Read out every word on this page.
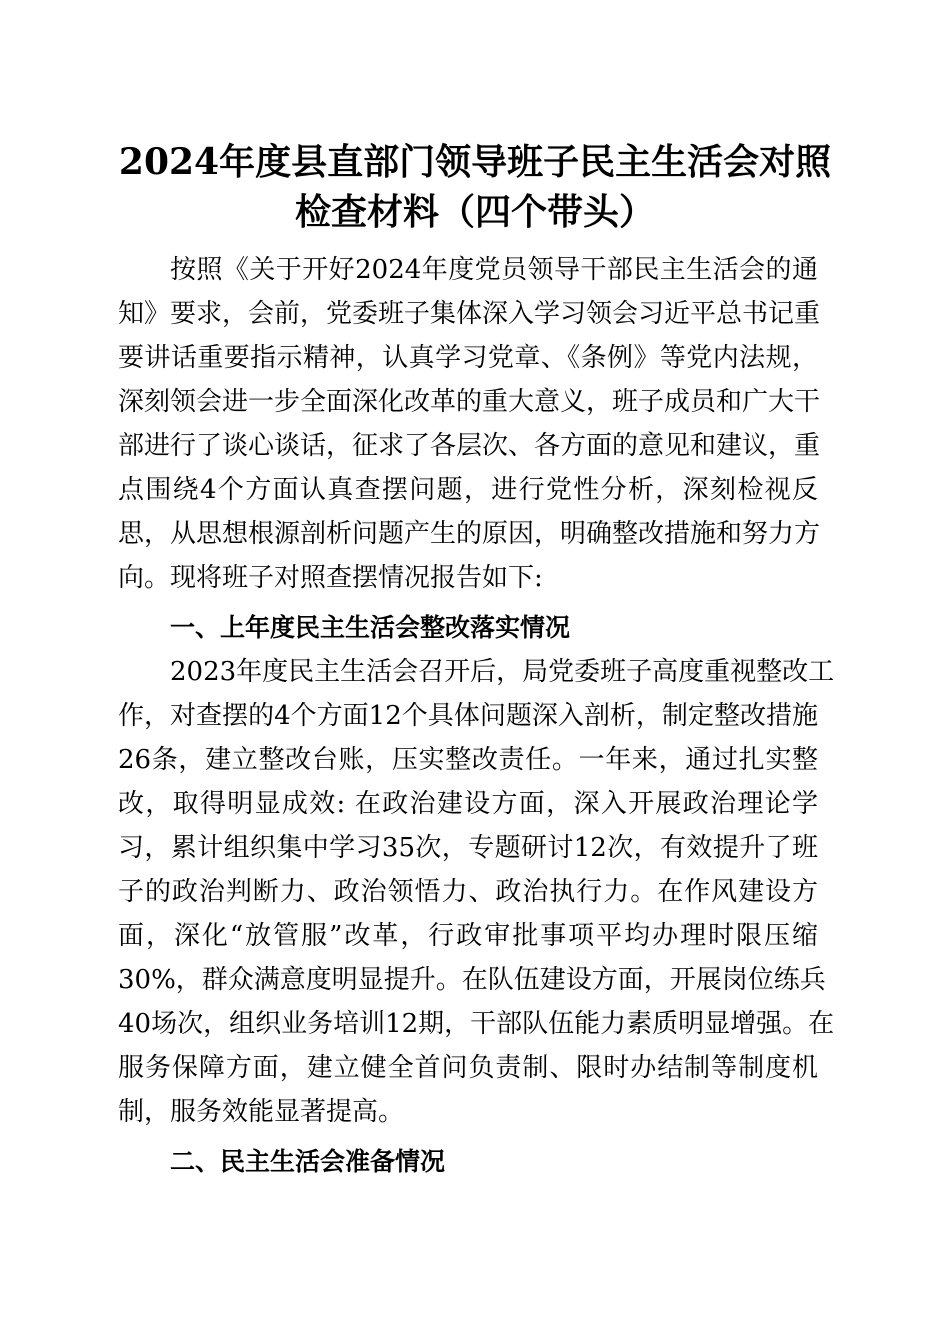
2024年度县直部门领导班子民主生活会对照
检查材料（四个带头）
按照《关于开好2024年度党员领导干部民主生活会的通
知》要求，会前，党委班子集体深入学习领会习近平总书记重
要讲话重要指示精神，认真学习党章、《条例》等党内法规，
深刻领会进一步全面深化改革的重大意义，班子成员和广大干
部进行了谈心谈话，征求了各层次、各方面的意见和建议，重
点围绕4个方面认真查摆问题，进行党性分析，深刻检视反
思，从思想根源剖析问题产生的原因，明确整改措施和努力方
向。现将班子对照查摆情况报告如下:
一、上年度民主生活会整改落实情况
2023年度民主生活会召开后，局党委班子高度重视整改工
作，对查摆的4个方面12个具体问题深入剖析，制定整改措施
26条，建立整改台账，压实整改责任。一年来，通过扎实整
改，取得明显成效: 在政治建设方面，深入开展政治理论学
习，累计组织集中学习35次，专题研讨12次，有效提升了班
子的政治判断力、政治领悟力、政治执行力。在作风建设方
面，深化“放管服”改革，行政审批事项平均办理时限压缩
30%，群众满意度明显提升。在队伍建设方面，开展岗位练兵
40场次，组织业务培训12期，干部队伍能力素质明显增强。在
服务保障方面，建立健全首问负责制、限时办结制等制度机
制，服务效能显著提高。
二、民主生活会准备情况
